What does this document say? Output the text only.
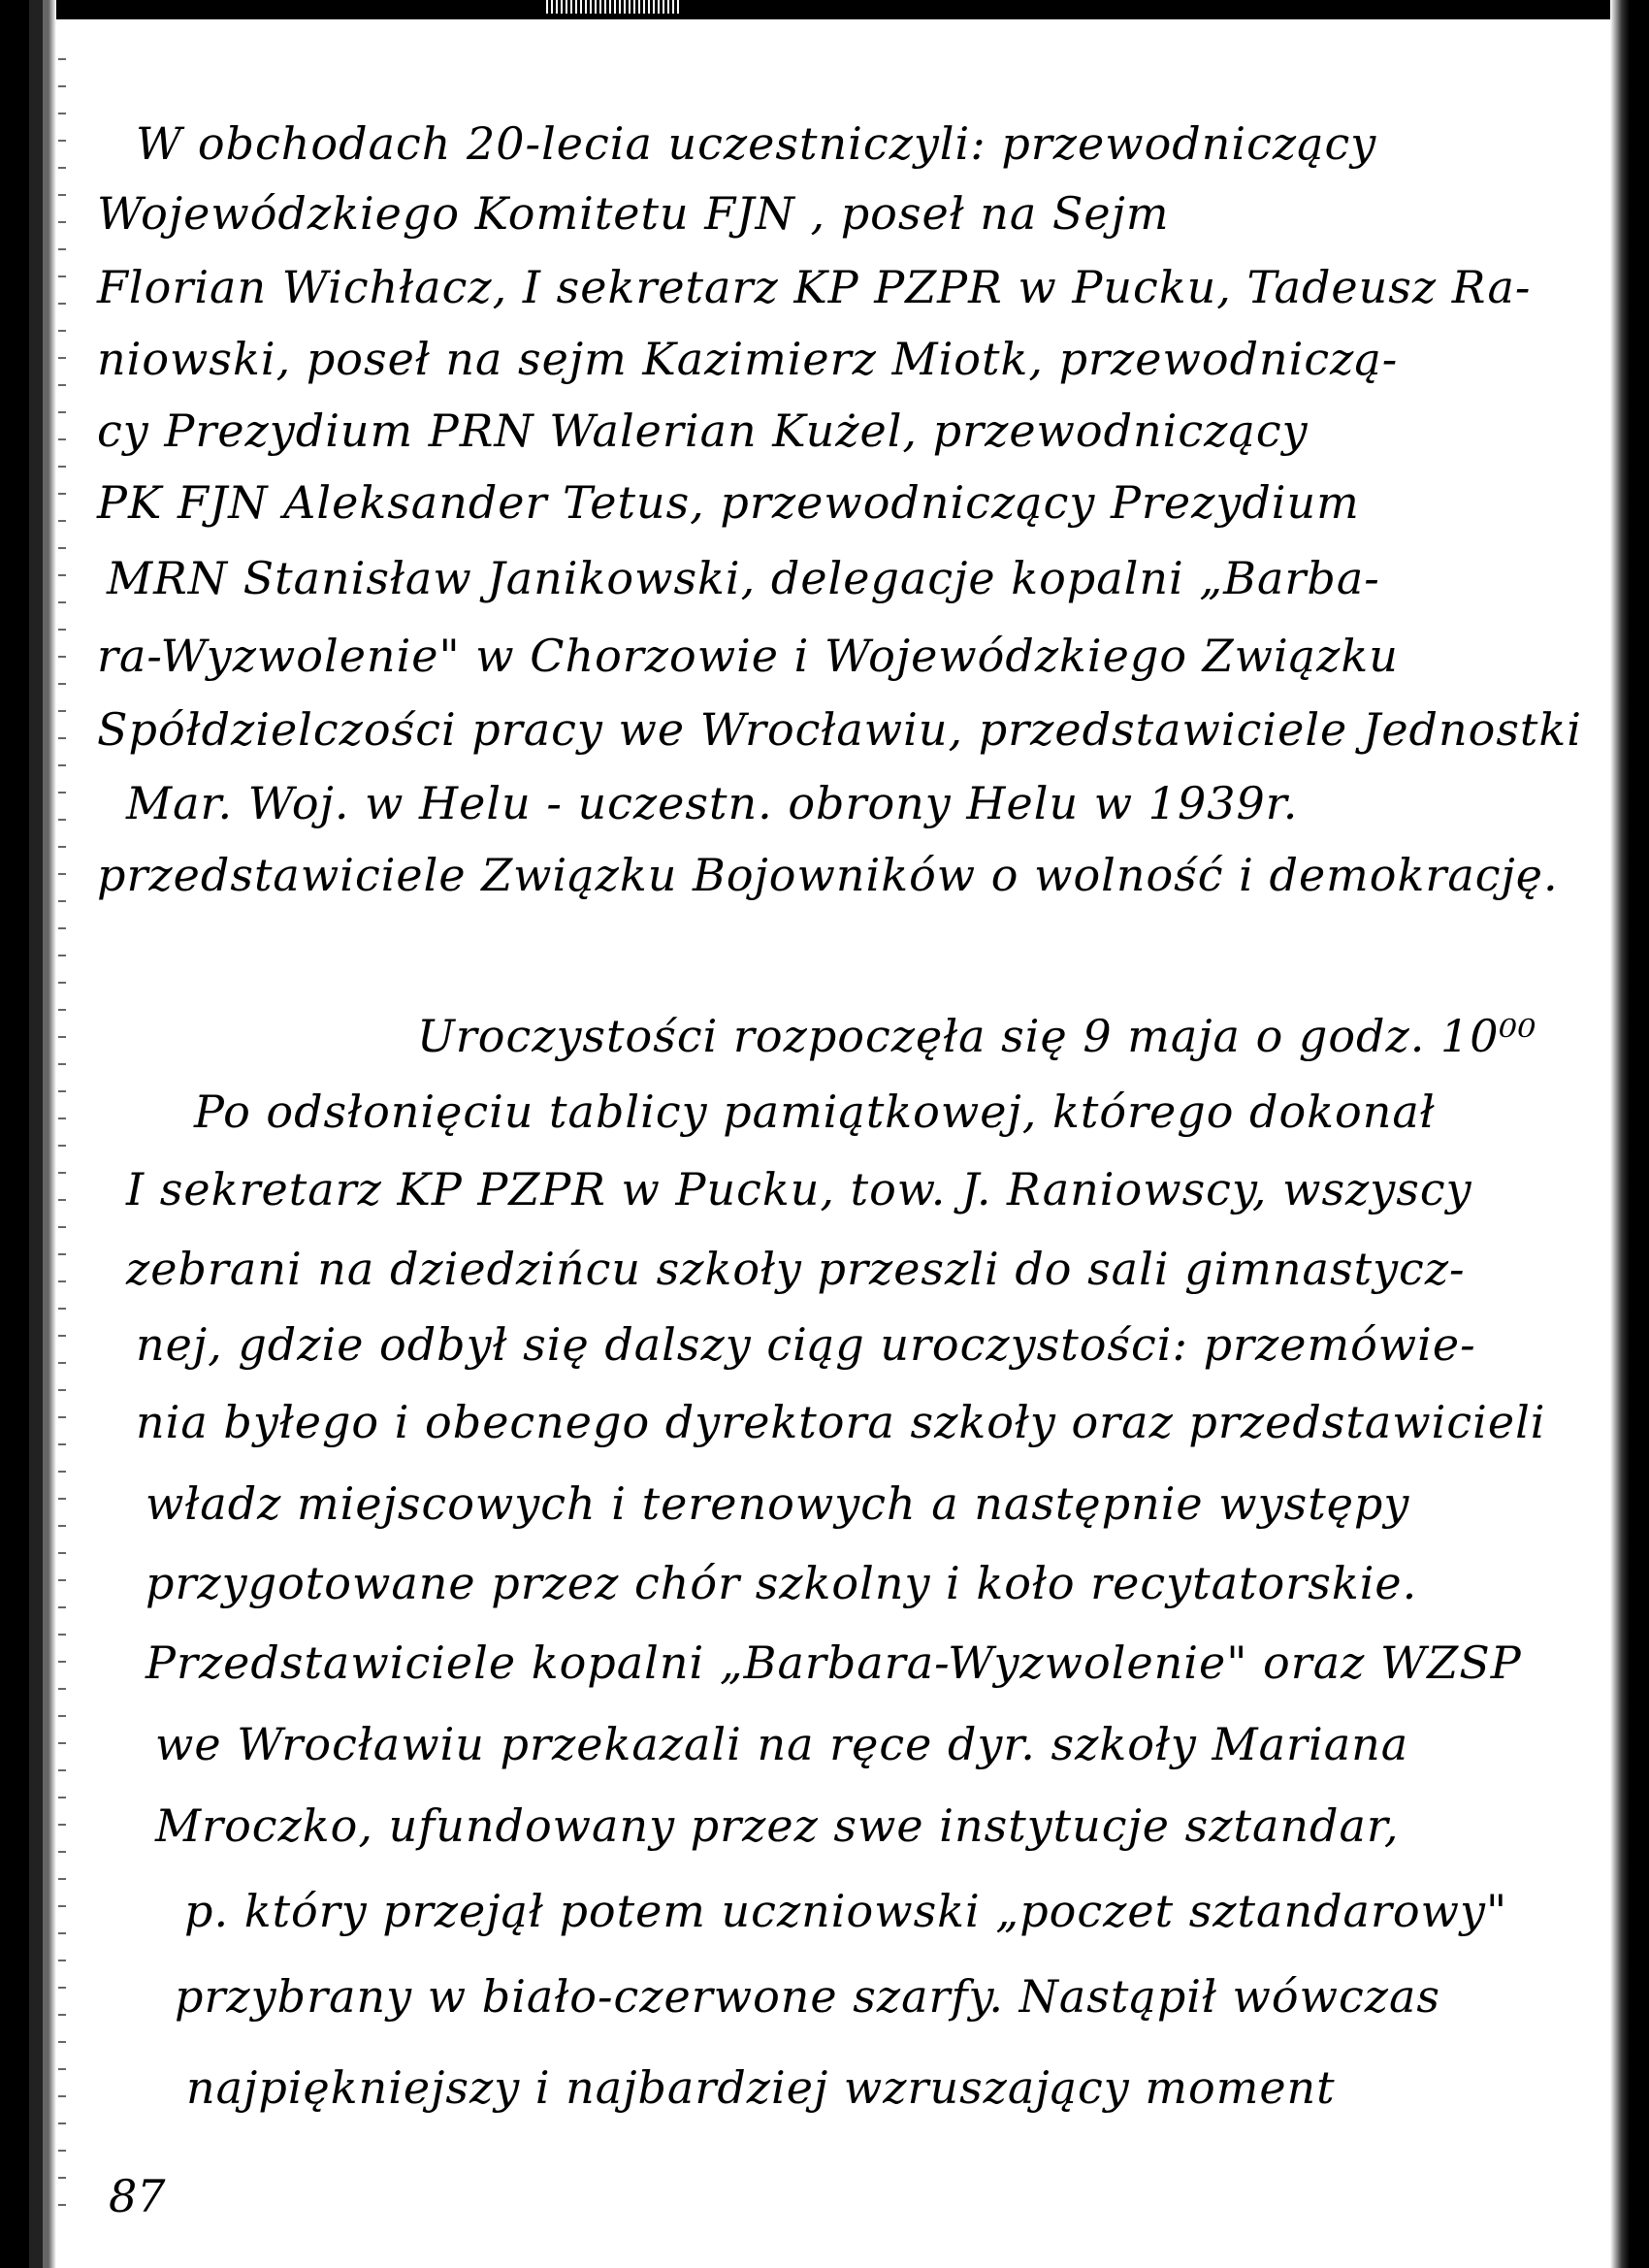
W obchodach 20-lecia uczestniczyli: przewodniczący
Wojewódzkiego Komitetu FJN , poseł na Sejm
Florian Wichłacz, I sekretarz KP PZPR w Pucku, Tadeusz Ra-
niowski, poseł na sejm Kazimierz Miotk, przewodniczą-
cy Prezydium PRN Walerian Kużel, przewodniczący
PK FJN Aleksander Tetus, przewodniczący Prezydium
MRN Stanisław Janikowski, delegacje kopalni „Barba-
ra-Wyzwolenie" w Chorzowie i Wojewódzkiego Związku
Spółdzielczości pracy we Wrocławiu, przedstawiciele Jednostki
Mar. Woj. w Helu - uczestn. obrony Helu w 1939r.
przedstawiciele Związku Bojowników o wolność i demokrację.
Uroczystości rozpoczęła się 9 maja o godz. 10⁰⁰
Po odsłonięciu tablicy pamiątkowej, którego dokonał
I sekretarz KP PZPR w Pucku, tow. J. Raniowscy, wszyscy
zebrani na dziedzińcu szkoły przeszli do sali gimnastycz-
nej, gdzie odbył się dalszy ciąg uroczystości: przemówie-
nia byłego i obecnego dyrektora szkoły oraz przedstawicieli
władz miejscowych i terenowych a następnie występy
przygotowane przez chór szkolny i koło recytatorskie.
Przedstawiciele kopalni „Barbara-Wyzwolenie" oraz WZSP
we Wrocławiu przekazali na ręce dyr. szkoły Mariana
Mroczko, ufundowany przez swe instytucje sztandar,
p. który przejął potem uczniowski „poczet sztandarowy"
przybrany w biało-czerwone szarfy. Nastąpił wówczas
najpiękniejszy i najbardziej wzruszający moment
87
